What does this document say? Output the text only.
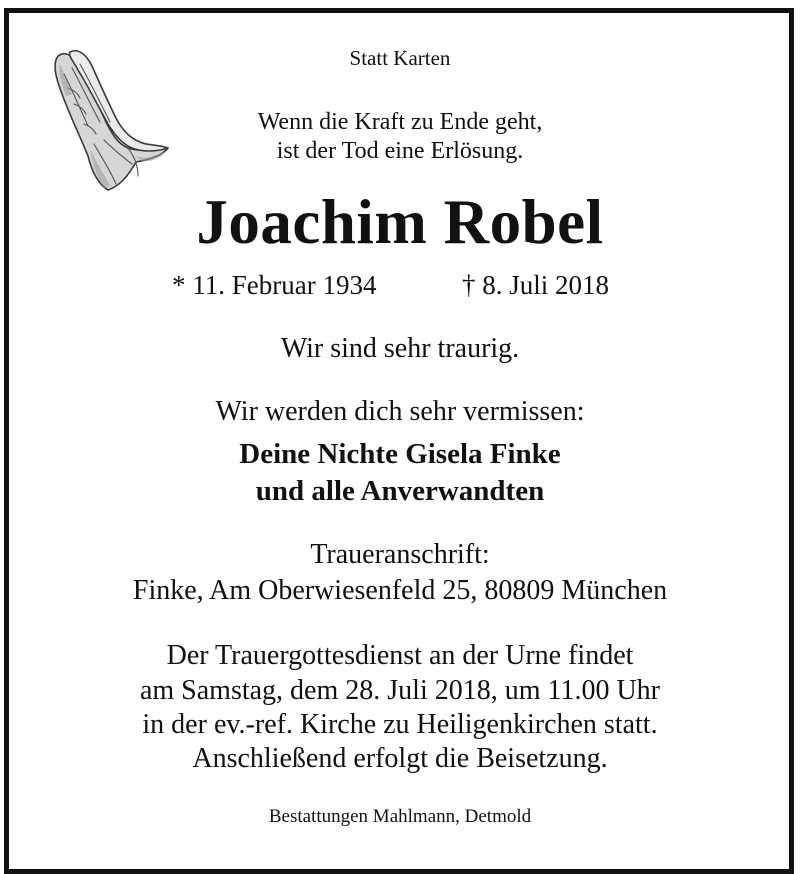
Statt Karten
Wenn die Kraft zu Ende geht,
ist der Tod eine Erlösung.
Joachim Robel
* 11. Februar 1934	† 8. Juli 2018
Wir sind sehr traurig.
Wir werden dich sehr vermissen:
Deine Nichte Gisela Finke
und alle Anverwandten
Traueranschrift:
Finke, Am Oberwiesenfeld 25, 80809 München
Der Trauergottesdienst an der Urne findet
am Samstag, dem 28. Juli 2018, um 11.00 Uhr
in der ev.-ref. Kirche zu Heiligenkirchen statt.
Anschließend erfolgt die Beisetzung.
Bestattungen Mahlmann, Detmold
